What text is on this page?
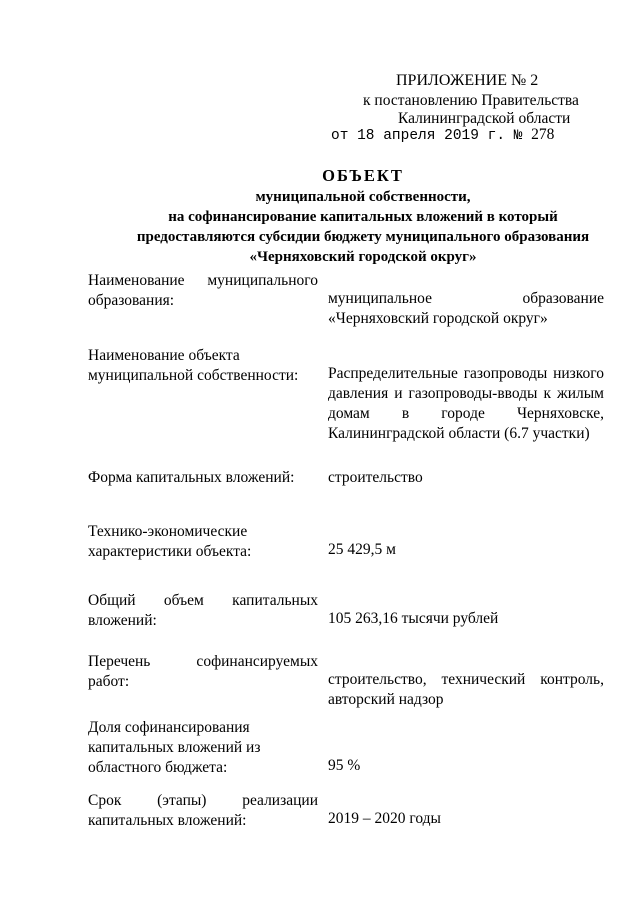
ПРИЛОЖЕНИЕ № 2
к постановлению Правительства
Калининградской области
от 18 апреля 2019 г. № 278
ОБЪЕКТ
муниципальной собственности,
на софинансирование капитальных вложений в который
предоставляются субсидии бюджету муниципального образования
«Черняховский городской округ»
Наименование муниципального
образования:	муниципальное образование
«Черняховский городской округ»
Наименование объекта
муниципальной собственности:	Распределительные газопроводы низкого
давления и газопроводы-вводы к жилым
домам в городе Черняховске,
Калининградской области (6.7 участки)
Форма капитальных вложений:	строительство
Технико-экономические
характеристики объекта:	25 429,5 м
Общий объем капитальных
вложений:	105 263,16 тысячи рублей
Перечень софинансируемых
работ:	строительство, технический контроль,
авторский надзор
Доля софинансирования
капитальных вложений из
областного бюджета:	95 %
Срок (этапы) реализации
капитальных вложений:	2019 – 2020 годы
